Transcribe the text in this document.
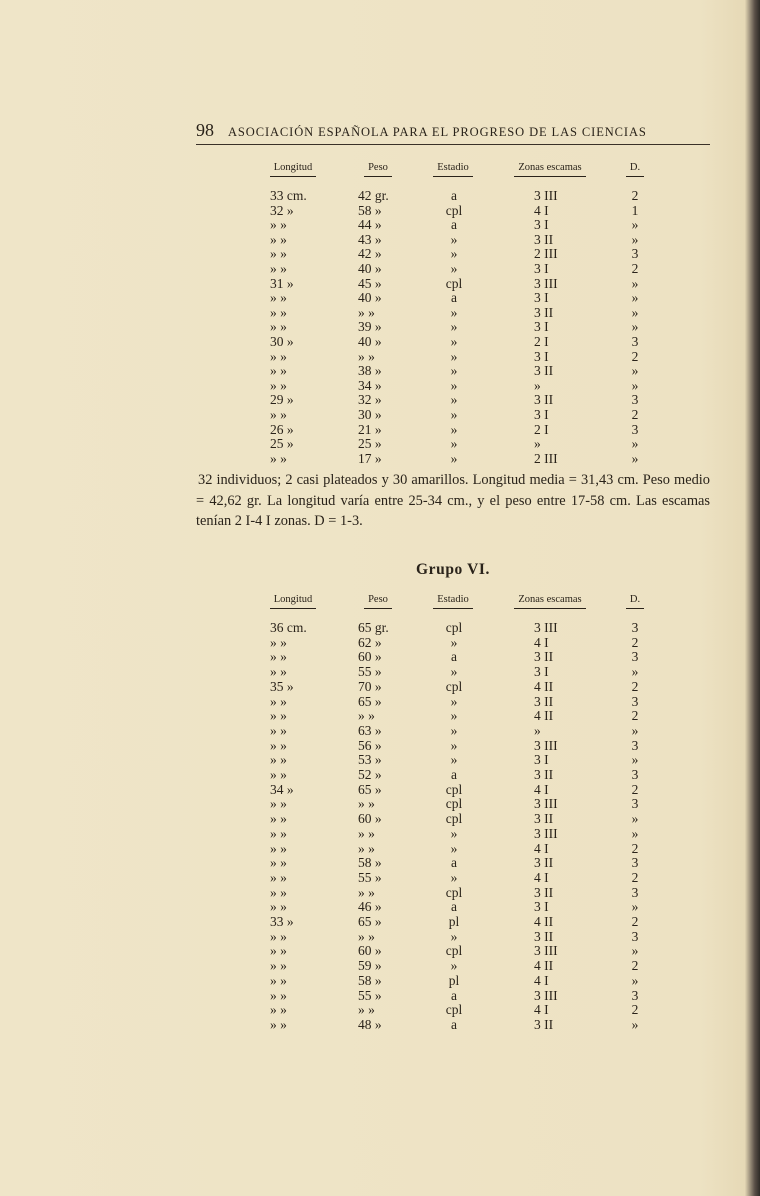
98 ASOCIACIÓN ESPAÑOLA PARA EL PROGRESO DE LAS CIENCIAS
Longitud	Peso	Estadio	Zonas escamas	D.
33 cm.	42 gr.	a	3 III	2
32 »	58 »	cpl	4 I	1
» »	44 »	a	3 I	»
» »	43 »	»	3 II	»
» »	42 »	»	2 III	3
» »	40 »	»	3 I	2
31 »	45 »	cpl	3 III	»
» »	40 »	a	3 I	»
» »	» »	»	3 II	»
» »	39 »	»	3 I	»
30 »	40 »	»	2 I	3
» »	» »	»	3 I	2
» »	38 »	»	3 II	»
» »	34 »	»	»	»
29 »	32 »	»	3 II	3
» »	30 »	»	3 I	2
26 »	21 »	»	2 I	3
25 »	25 »	»	»	»
» »	17 »	»	2 III	»

32 individuos; 2 casi plateados y 30 amarillos. Longitud media = 31,43 cm. Peso medio = 42,62 gr. La longitud varía entre 25-34 cm., y el peso entre 17-58 cm. Las escamas tenían 2 I-4 I zonas. D = 1-3.

Grupo VI.
Longitud	Peso	Estadio	Zonas escamas	D.
36 cm.	65 gr.	cpl	3 III	3
» »	62 »	»	4 I	2
» »	60 »	a	3 II	3
» »	55 »	»	3 I	»
35 »	70 »	cpl	4 II	2
» »	65 »	»	3 II	3
» »	» »	»	4 II	2
» »	63 »	»	»	»
» »	56 »	»	3 III	3
» »	53 »	»	3 I	»
» »	52 »	a	3 II	3
34 »	65 »	cpl	4 I	2
» »	» »	cpl	3 III	3
» »	60 »	cpl	3 II	»
» »	» »	»	3 III	»
» »	» »	»	4 I	2
» »	58 »	a	3 II	3
» »	55 »	»	4 I	2
» »	» »	cpl	3 II	3
» »	46 »	a	3 I	»
33 »	65 »	pl	4 II	2
» »	» »	»	3 II	3
» »	60 »	cpl	3 III	»
» »	59 »	»	4 II	2
» »	58 »	pl	4 I	»
» »	55 »	a	3 III	3
» »	» »	cpl	4 I	2
» »	48 »	a	3 II	»
